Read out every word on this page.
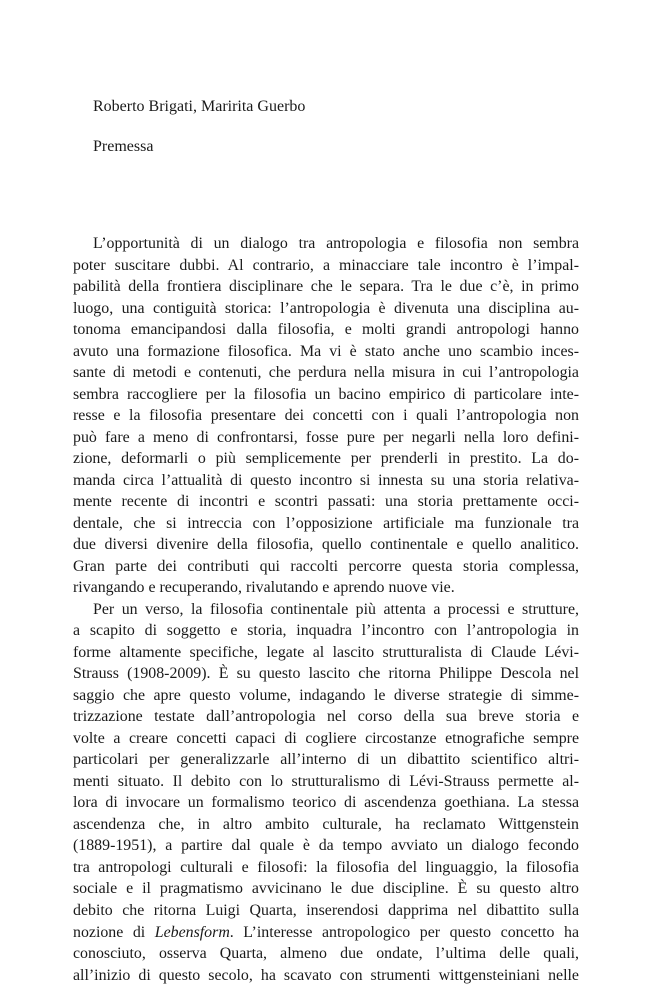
Roberto Brigati, Maririta Guerbo
Premessa
L’opportunità di un dialogo tra antropologia e filosofia non sembra
poter suscitare dubbi. Al contrario, a minacciare tale incontro è l’impal-
pabilità della frontiera disciplinare che le separa. Tra le due c’è, in primo
luogo, una contiguità storica: l’antropologia è divenuta una disciplina au-
tonoma emancipandosi dalla filosofia, e molti grandi antropologi hanno
avuto una formazione filosofica. Ma vi è stato anche uno scambio inces-
sante di metodi e contenuti, che perdura nella misura in cui l’antropologia
sembra raccogliere per la filosofia un bacino empirico di particolare inte-
resse e la filosofia presentare dei concetti con i quali l’antropologia non
può fare a meno di confrontarsi, fosse pure per negarli nella loro defini-
zione, deformarli o più semplicemente per prenderli in prestito. La do-
manda circa l’attualità di questo incontro si innesta su una storia relativa-
mente recente di incontri e scontri passati: una storia prettamente occi-
dentale, che si intreccia con l’opposizione artificiale ma funzionale tra
due diversi divenire della filosofia, quello continentale e quello analitico.
Gran parte dei contributi qui raccolti percorre questa storia complessa,
rivangando e recuperando, rivalutando e aprendo nuove vie.
Per un verso, la filosofia continentale più attenta a processi e strutture,
a scapito di soggetto e storia, inquadra l’incontro con l’antropologia in
forme altamente specifiche, legate al lascito strutturalista di Claude Lévi-
Strauss (1908-2009). È su questo lascito che ritorna Philippe Descola nel
saggio che apre questo volume, indagando le diverse strategie di simme-
trizzazione testate dall’antropologia nel corso della sua breve storia e
volte a creare concetti capaci di cogliere circostanze etnografiche sempre
particolari per generalizzarle all’interno di un dibattito scientifico altri-
menti situato. Il debito con lo strutturalismo di Lévi-Strauss permette al-
lora di invocare un formalismo teorico di ascendenza goethiana. La stessa
ascendenza che, in altro ambito culturale, ha reclamato Wittgenstein
(1889-1951), a partire dal quale è da tempo avviato un dialogo fecondo
tra antropologi culturali e filosofi: la filosofia del linguaggio, la filosofia
sociale e il pragmatismo avvicinano le due discipline. È su questo altro
debito che ritorna Luigi Quarta, inserendosi dapprima nel dibattito sulla
nozione di Lebensform. L’interesse antropologico per questo concetto ha
conosciuto, osserva Quarta, almeno due ondate, l’ultima delle quali,
all’inizio di questo secolo, ha scavato con strumenti wittgensteiniani nelle
